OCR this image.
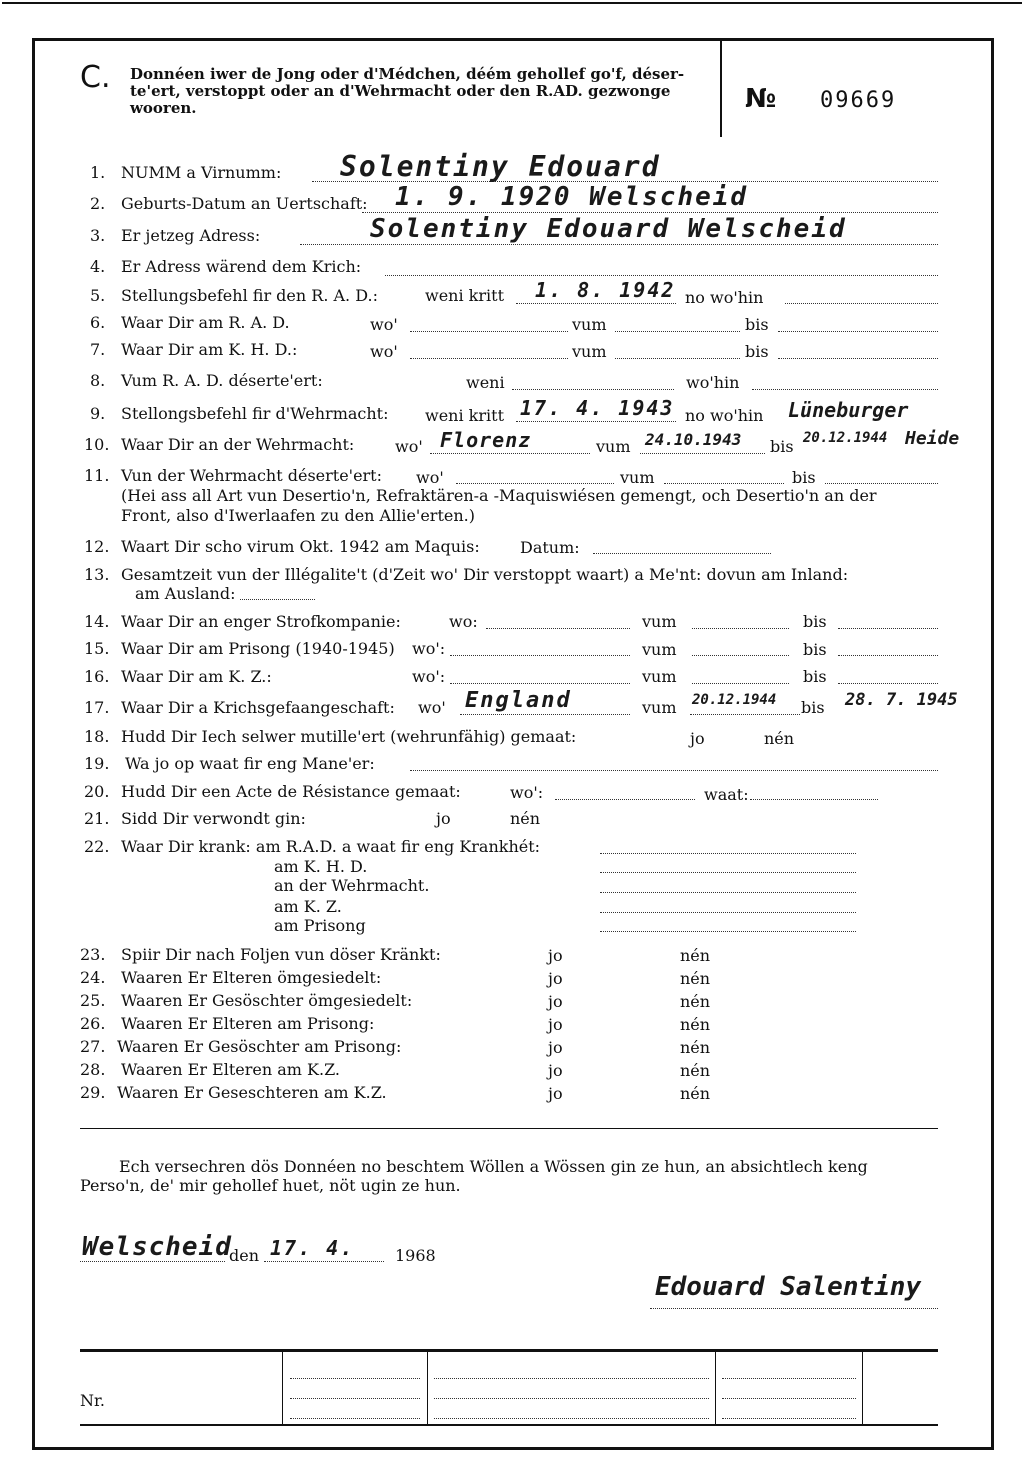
C. Donnéen iwer de Jong oder d'Médchen, déém gehollef go'f, déser-
te'ert, verstoppt oder an d'Wehrmacht oder den R.AD. gezwonge
wooren.	№ 09669
1. NUMM a Virnumm: Solentiny Edouard
2. Geburts-Datum an Uertschaft: 1. 9. 1920 Welscheid
3. Er jetzeg Adress:	Solentiny Edouard Welscheid
4. Er Adress wärend dem Krich:
5. Stellungsbefehl fir den R. A. D.:	weni kritt 1. 8. 1942 no wo'hin
6. Waar Dir am R. A. D.	wo'	vum	bis
7. Waar Dir am K. H. D.:	wo'	vum	bis
8. Vum R. A. D. déserte'ert:	weni	wo'hin
9. Stellongsbefehl fir d'Wehrmacht: weni kritt 17. 4. 1943 no wo'hin Lüneburger
10. Waar Dir an der Wehrmacht:	wo' Florenz	vum 24.10.1943 bis 20.12.1944 Heide
11. Vun der Wehrmacht déserte'ert: wo'	vum	bis
(Hei ass all Art vun Desertio'n, Refraktären-a -Maquiswiésen gemengt, och Desertio'n an der
Front, also d'Iwerlaafen zu den Allie'erten.)
12. Waart Dir scho virum Okt. 1942 am Maquis:	Datum:
13. Gesamtzeit vun der Illégalite't (d'Zeit wo' Dir verstoppt waart) a Me'nt: dovun am Inland:
am Ausland:
14. Waar Dir an enger Strofkompanie:	wo:	vum	bis
15. Waar Dir am Prisong (1940-1945) wo':	vum	bis
16. Waar Dir am K. Z.:	wo':	vum	bis
17. Waar Dir a Krichsgefaangeschaft: wo' England	vum 20.12.1944 bis 28. 7. 1945
18. Hudd Dir Iech selwer mutille'ert (wehrunfähig) gemaat:	jo	nén
19. Wa jo op waat fir eng Mane'er:
20. Hudd Dir een Acte de Résistance gemaat:	wo':	waat:
21. Sidd Dir verwondt gin:	jo	nén
22. Waar Dir krank: am R.A.D. a waat fir eng Krankhét:
am K. H. D.
an der Wehrmacht.
am K. Z.
am Prisong
23. Spiir Dir nach Foljen vun döser Kränkt:	jo	nén
24. Waaren Er Elteren ömgesiedelt:	jo	nén
25. Waaren Er Gesöschter ömgesiedelt:	jo	nén
26. Waaren Er Elteren am Prisong:	jo	nén
27. Waaren Er Gesöschter am Prisong:	jo	nén
28. Waaren Er Elteren am K.Z.	jo	nén
29. Waaren Er Geseschteren am K.Z.	jo	nén
Ech versechren dös Donnéen no beschtem Wöllen a Wössen gin ze hun, an absichtlech keng
Perso'n, de' mir gehollef huet, nöt ugin ze hun.
Welscheid
den 17. 4.	1968
Edouard Salentiny
Nr.
